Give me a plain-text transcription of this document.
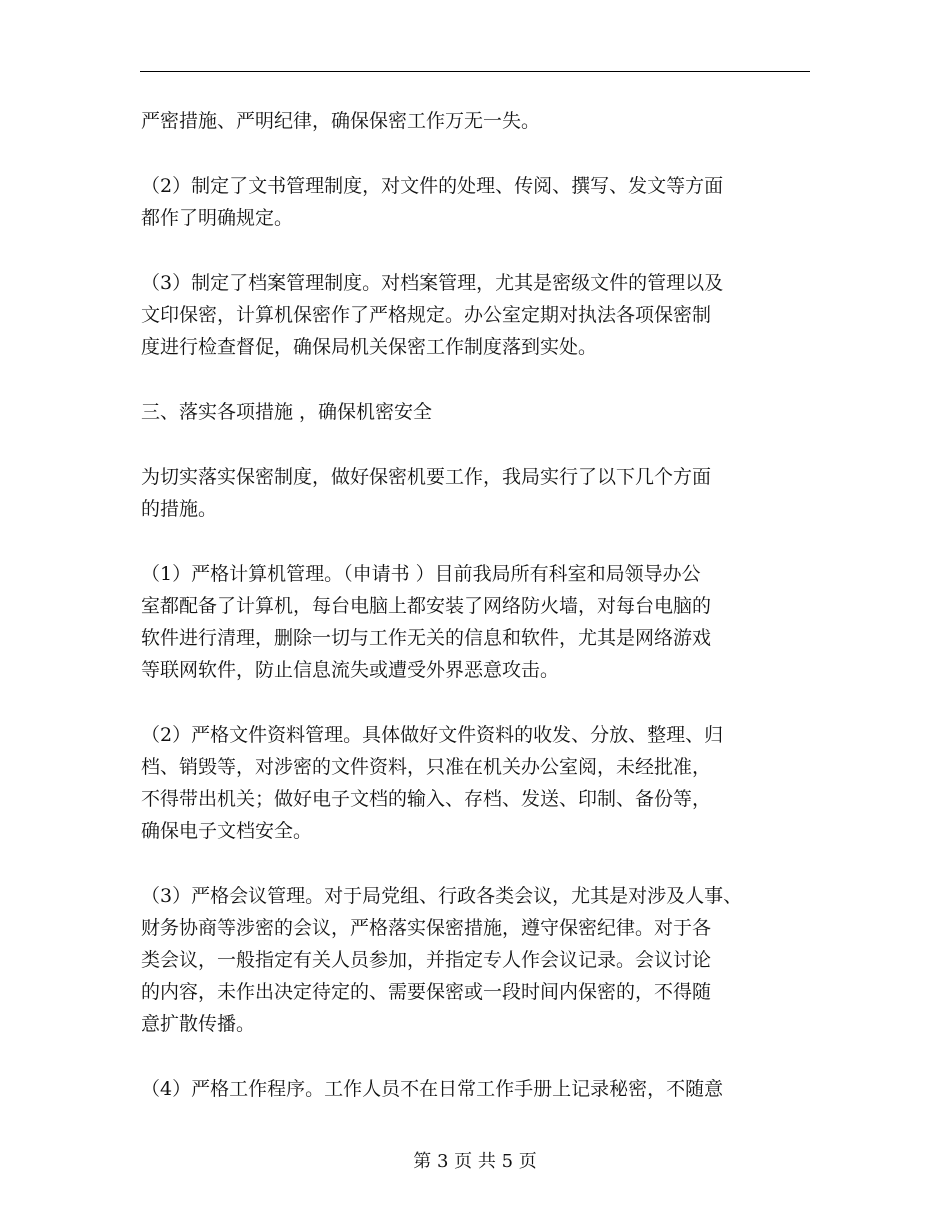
严密措施、严明纪律，确保保密工作万无一失。
（2）制定了文书管理制度，对文件的处理、传阅、撰写、发文等方面
都作了明确规定。
（3）制定了档案管理制度。对档案管理，尤其是密级文件的管理以及
文印保密，计算机保密作了严格规定。办公室定期对执法各项保密制
度进行检查督促，确保局机关保密工作制度落到实处。
三、落实各项措施 ，确保机密安全
为切实落实保密制度，做好保密机要工作，我局实行了以下几个方面
的措施。
（1）严格计算机管理。（申请书 ）目前我局所有科室和局领导办公
室都配备了计算机，每台电脑上都安装了网络防火墙，对每台电脑的
软件进行清理，删除一切与工作无关的信息和软件，尤其是网络游戏
等联网软件，防止信息流失或遭受外界恶意攻击。
（2）严格文件资料管理。具体做好文件资料的收发、分放、整理、归
档、销毁等，对涉密的文件资料，只准在机关办公室阅，未经批准，
不得带出机关；做好电子文档的输入、存档、发送、印制、备份等，
确保电子文档安全。
（3）严格会议管理。对于局党组、行政各类会议，尤其是对涉及人事、
财务协商等涉密的会议，严格落实保密措施，遵守保密纪律。对于各
类会议，一般指定有关人员参加，并指定专人作会议记录。会议讨论
的内容，未作出决定待定的、需要保密或一段时间内保密的，不得随
意扩散传播。
（4）严格工作程序。工作人员不在日常工作手册上记录秘密，不随意
第 3 页 共 5 页
